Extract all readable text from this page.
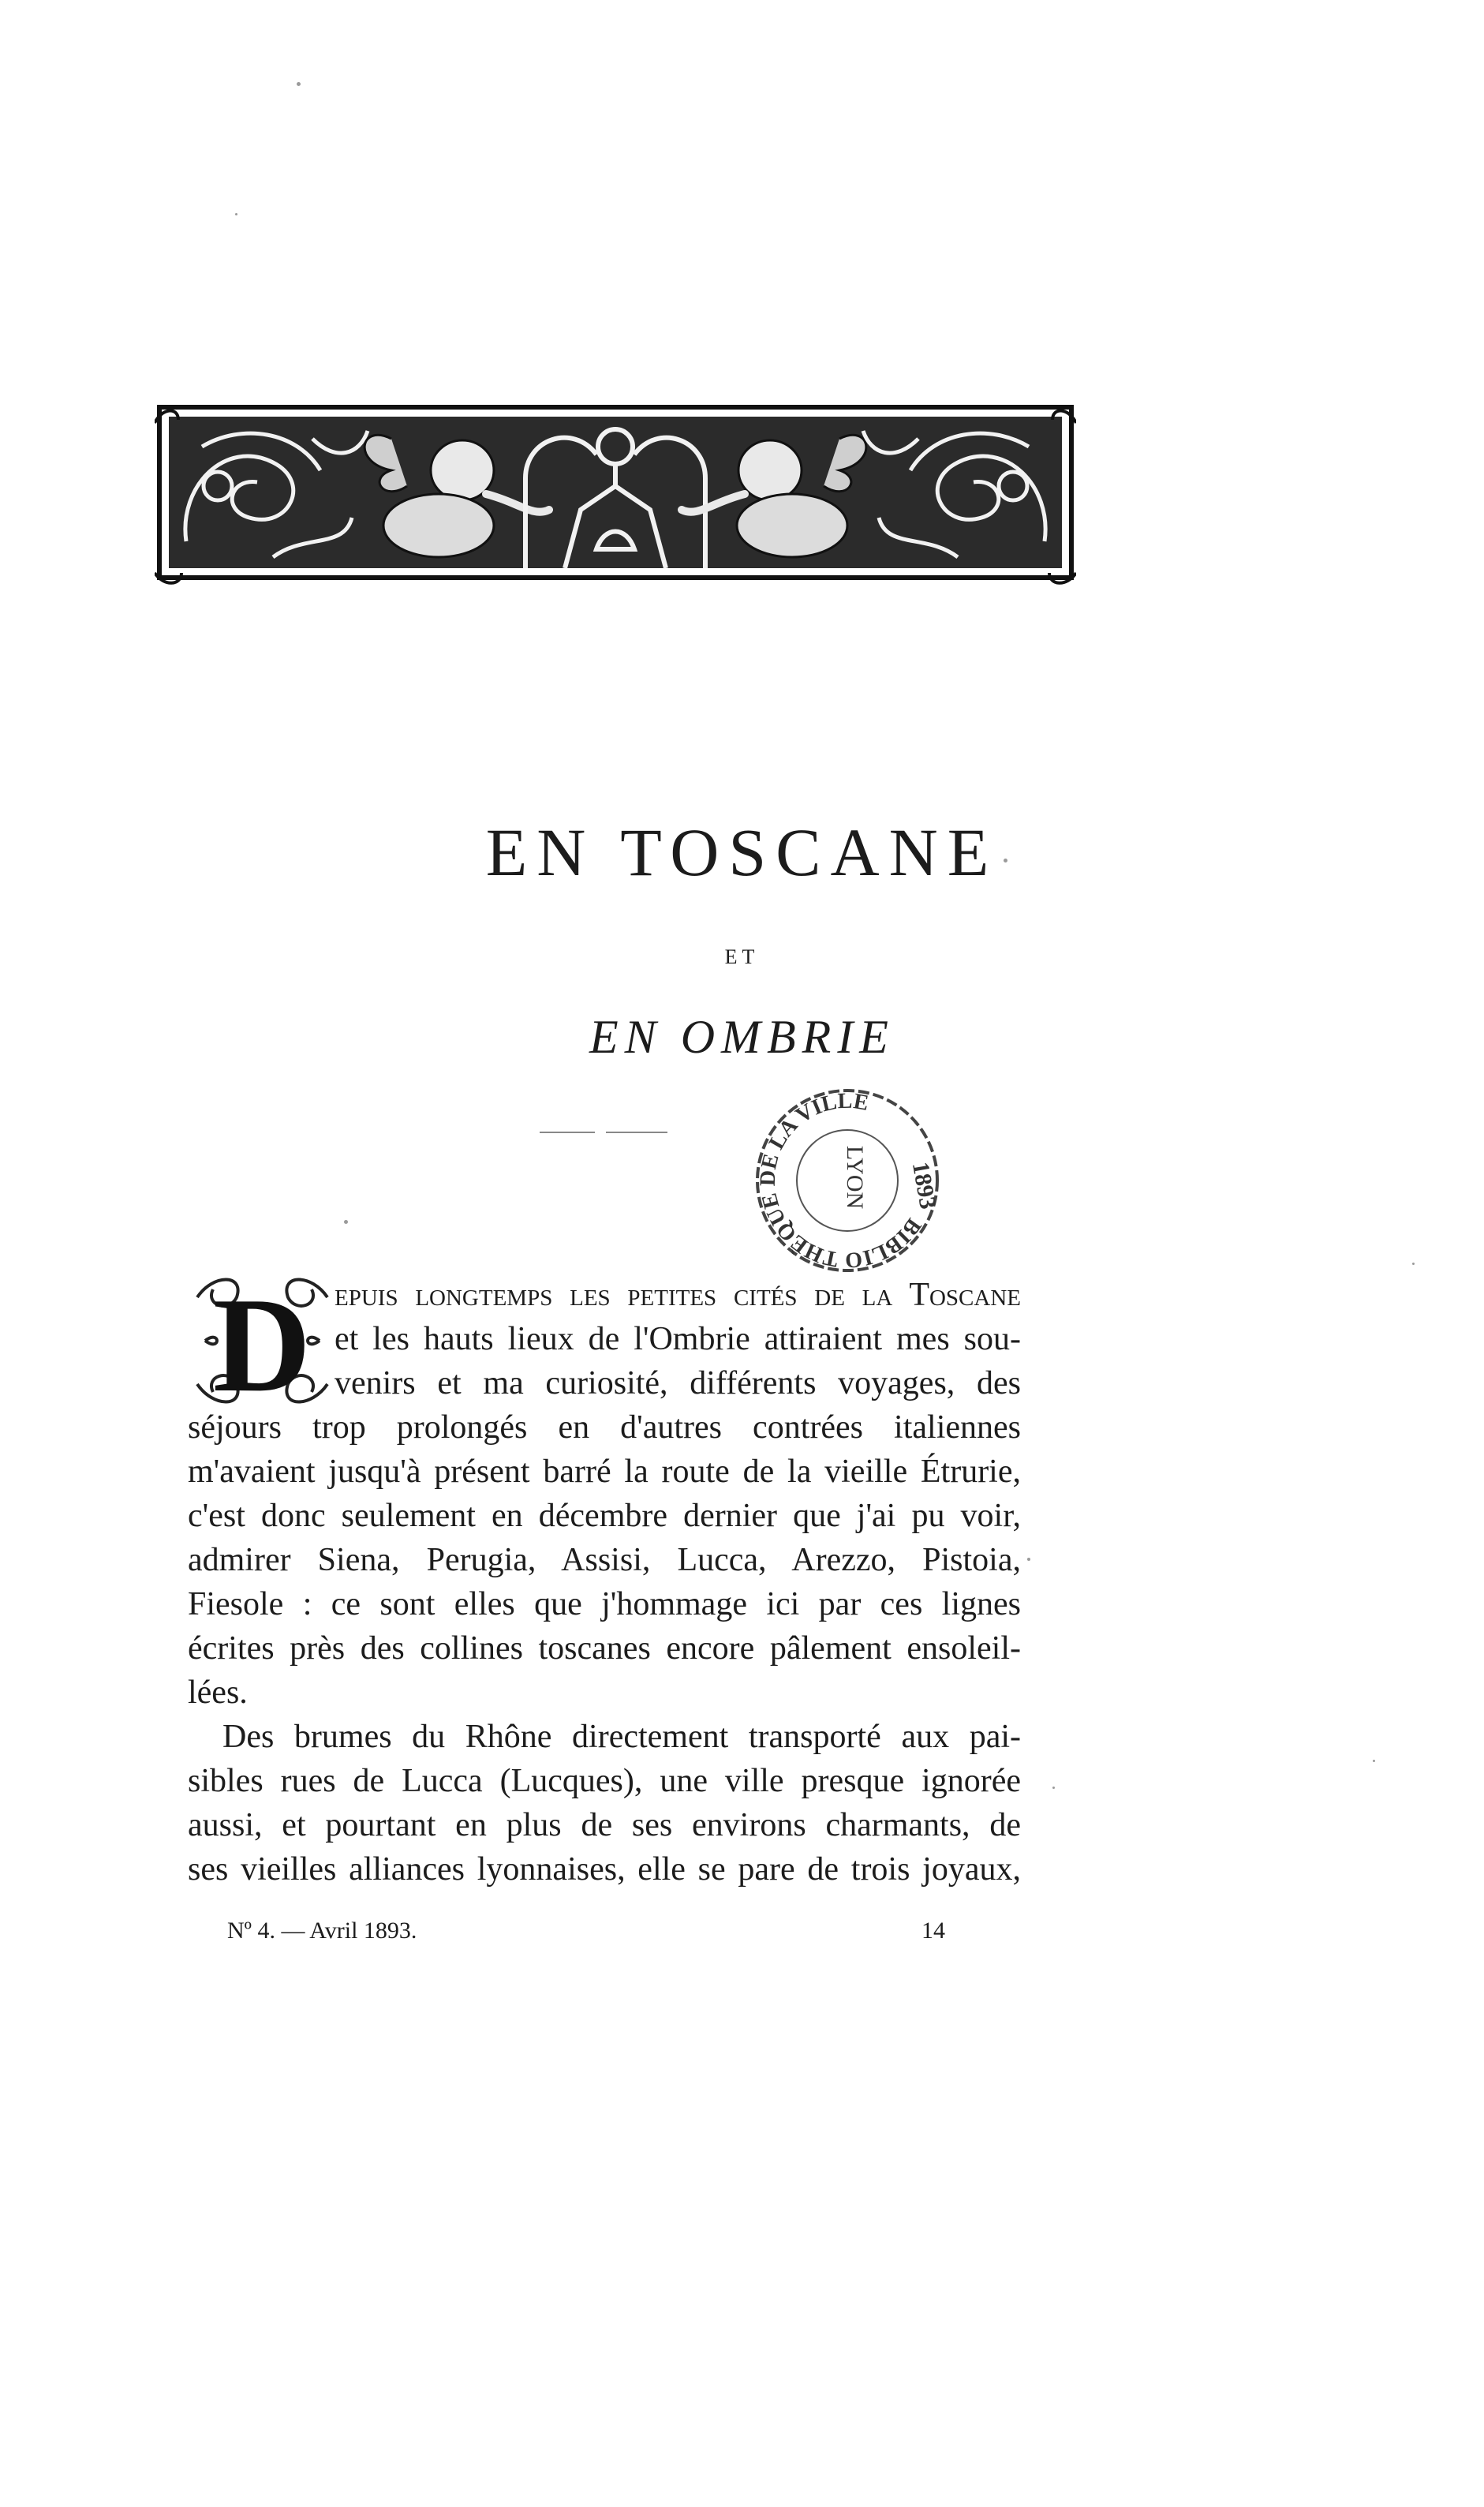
EN TOSCANE
ET
EN OMBRIE
BIBLIO THÈQUE DE LA VILLE
LYON 1893
D epuis longtemps les petites cités de la Toscane
et les hauts lieux de l'Ombrie attiraient mes sou-
venirs et ma curiosité, différents voyages, des
séjours trop prolongés en d'autres contrées italiennes
m'avaient jusqu'à présent barré la route de la vieille Étrurie,
c'est donc seulement en décembre dernier que j'ai pu voir,
admirer Siena, Perugia, Assisi, Lucca, Arezzo, Pistoia,
Fiesole : ce sont elles que j'hommage ici par ces lignes
écrites près des collines toscanes encore pâlement ensoleil-
lées.
Des brumes du Rhône directement transporté aux pai-
sibles rues de Lucca (Lucques), une ville presque ignorée
aussi, et pourtant en plus de ses environs charmants, de
ses vieilles alliances lyonnaises, elle se pare de trois joyaux,
Nº 4. — Avril 1893.	14
